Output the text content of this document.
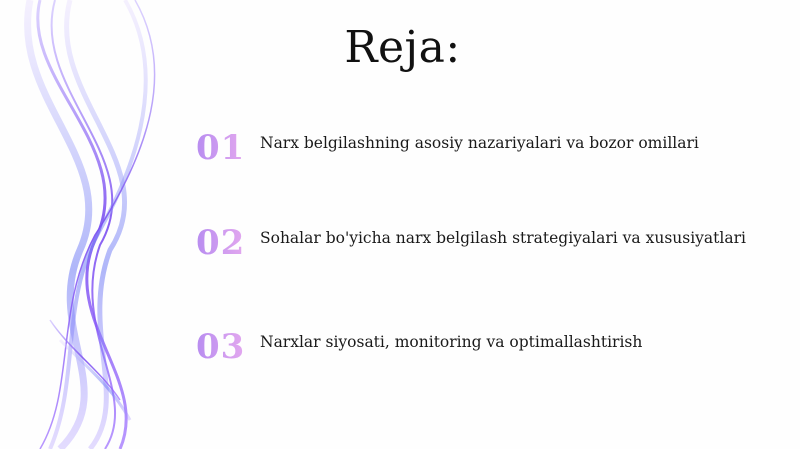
Reja:
01 Narx belgilashning asosiy nazariyalari va bozor omillari
02 Sohalar bo'yicha narx belgilash strategiyalari va xususiyatlari
03 Narxlar siyosati, monitoring va optimallashtirish
